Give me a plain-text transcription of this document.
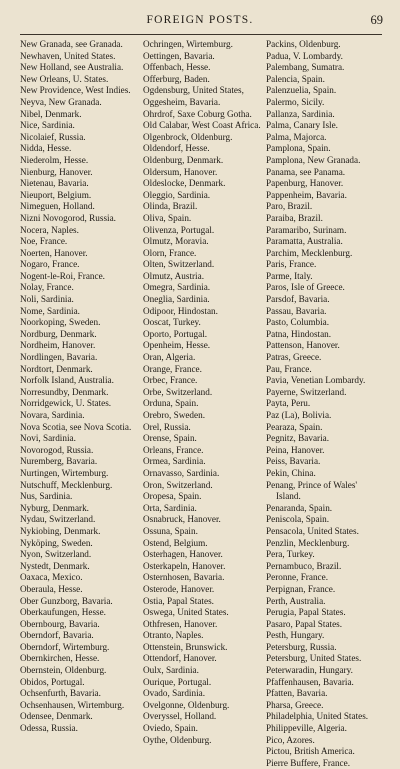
FOREIGN POSTS.	69
New Granada, see Granada.
Newhaven, United States.
New Holland, see Australia.
New Orleans, U. States.
New Providence, West Indies.
Neyva, New Granada.
Nibel, Denmark.
Nice, Sardinia.
Nicolaief, Russia.
Nidda, Hesse.
Niederolm, Hesse.
Nienburg, Hanover.
Nietenau, Bavaria.
Nieuport, Belgium.
Nimeguen, Holland.
Nizni Novogorod, Russia.
Nocera, Naples.
Noe, France.
Noerten, Hanover.
Nogaro, France.
Nogent-le-Roi, France.
Nolay, France.
Noli, Sardinia.
Nome, Sardinia.
Noorkoping, Sweden.
Nordburg, Denmark.
Nordheim, Hanover.
Nordlingen, Bavaria.
Nordtort, Denmark.
Norfolk Island, Australia.
Norresundby, Denmark.
Norridgewick, U. States.
Novara, Sardinia.
Nova Scotia, see Nova Scotia.
Novi, Sardinia.
Novorogod, Russia.
Nuremberg, Bavaria.
Nurtingen, Wirtemburg.
Nutschuff, Mecklenburg.
Nus, Sardinia.
Nyburg, Denmark.
Nydau, Switzerland.
Nykiobing, Denmark.
Nyköping, Sweden.
Nyon, Switzerland.
Nystedt, Denmark.
Oaxaca, Mexico.
Oberaula, Hesse.
Ober Gunzborg, Bavaria.
Oberkaufungen, Hesse.
Obernbourg, Bavaria.
Oberndorf, Bavaria.
Oberndorf, Wirtemburg.
Obernkirchen, Hesse.
Obernstein, Oldenburg.
Obidos, Portugal.
Ochsenfurth, Bavaria.
Ochsenhausen, Wirtemburg.
Odensee, Denmark.
Odessa, Russia.
Ochringen, Wirtemburg.
Oettingen, Bavaria.
Offenbach, Hesse.
Offerburg, Baden.
Ogdensburg, United States,
Oggesheim, Bavaria.
Ohrdrof, Saxe Coburg Gotha.
Old Calabar, West Coast Africa.
Olgenbrock, Oldenburg.
Oldendorf, Hesse.
Oldenburg, Denmark.
Oldersum, Hanover.
Oldeslocke, Denmark.
Oleggio, Sardinia.
Olinda, Brazil.
Oliva, Spain.
Olivenza, Portugal.
Olmutz, Moravia.
Olorn, France.
Olten, Switzerland.
Olmutz, Austria.
Omegra, Sardinia.
Oneglia, Sardinia.
Odipoor, Hindostan.
Ooscat, Turkey.
Oporto, Portugal.
Openheim, Hesse.
Oran, Algeria.
Orange, France.
Orbec, France.
Orbe, Switzerland.
Orduna, Spain.
Orebro, Sweden.
Orel, Russia.
Orense, Spain.
Orleans, France.
Ormea, Sardinia.
Ornavasso, Sardinia.
Oron, Switzerland.
Oropesa, Spain.
Orta, Sardinia.
Osnabruck, Hanover.
Ossuna, Spain.
Ostend, Belgium.
Osterhagen, Hanover.
Osterkapeln, Hanover.
Osternhosen, Bavaria.
Osterode, Hanover.
Ostia, Papal States.
Oswega, United States.
Othfresen, Hanover.
Otranto, Naples.
Ottenstein, Brunswick.
Ottendorf, Hanover.
Oulx, Sardinia.
Ourique, Portugal.
Ovado, Sardinia.
Ovelgonne, Oldenburg.
Overyssel, Holland.
Oviedo, Spain.
Oythe, Oldenburg.
Packins, Oldenburg.
Padua, V. Lombardy.
Palembang, Sumatra.
Palencia, Spain.
Palenzuelia, Spain.
Palermo, Sicily.
Pallanza, Sardinia.
Palma, Canary Isle.
Palma, Majorca.
Pamplona, Spain.
Pamplona, New Granada.
Panama, see Panama.
Papenburg, Hanover.
Pappenheim, Bavaria.
Paro, Brazil.
Paraiba, Brazil.
Paramaribo, Surinam.
Paramatta, Australia.
Parchim, Mecklenburg.
Paris, France.
Parme, Italy.
Paros, Isle of Greece.
Parsdof, Bavaria.
Passau, Bavaria.
Pasto, Columbia.
Patna, Hindostan.
Pattenson, Hanover.
Patras, Greece.
Pau, France.
Pavia, Venetian Lombardy.
Payerne, Switzerland.
Payta, Peru.
Paz (La), Bolivia.
Pearaza, Spain.
Pegnitz, Bavaria.
Peina, Hanover.
Peiss, Bavaria.
Pekin, China.
Penang, Prince of Wales' Island.
Penaranda, Spain.
Peniscola, Spain.
Pensacola, United States.
Penzlin, Mecklenburg.
Pera, Turkey.
Pernambuco, Brazil.
Peronne, France.
Perpignan, France.
Perth, Australia.
Perugia, Papal States.
Pasaro, Papal States.
Pesth, Hungary.
Petersburg, Russia.
Petersburg, United States.
Peterwaradin, Hungary.
Pfaffenhausen, Bavaria.
Pfatten, Bavaria.
Pharsa, Greece.
Philadelphia, United States.
Philippeville, Algeria.
Pico, Azores.
Pictou, British America.
Pierre Buffere, France.
